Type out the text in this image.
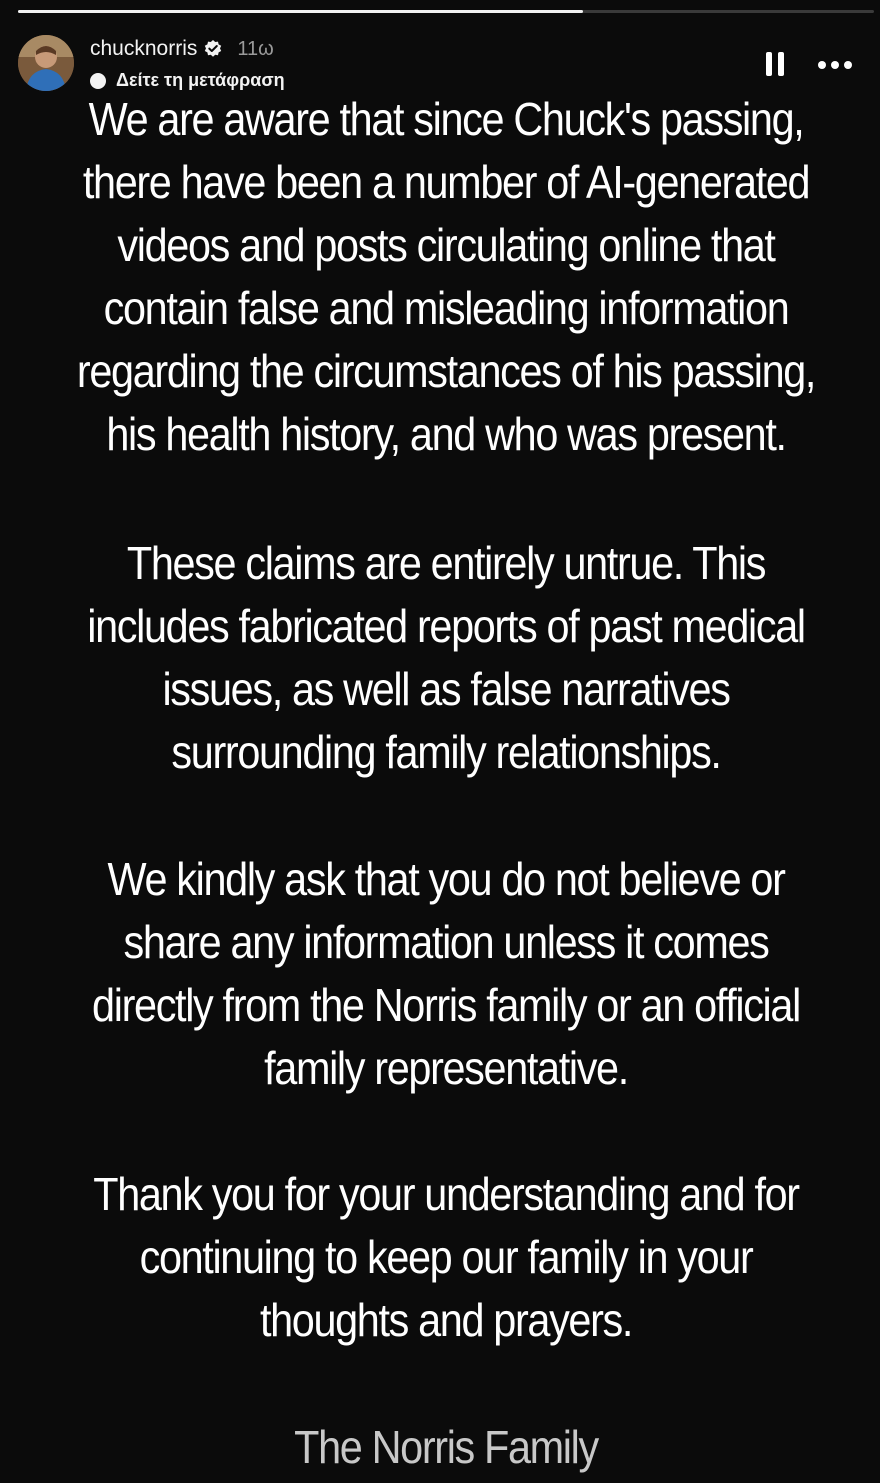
chucknorris 11ω
Δείτε τη μετάφραση

We are aware that since Chuck's passing, there have been a number of AI-generated videos and posts circulating online that contain false and misleading information regarding the circumstances of his passing, his health history, and who was present.

These claims are entirely untrue. This includes fabricated reports of past medical issues, as well as false narratives surrounding family relationships.

We kindly ask that you do not believe or share any information unless it comes directly from the Norris family or an official family representative.

Thank you for your understanding and for continuing to keep our family in your thoughts and prayers.

The Norris Family
